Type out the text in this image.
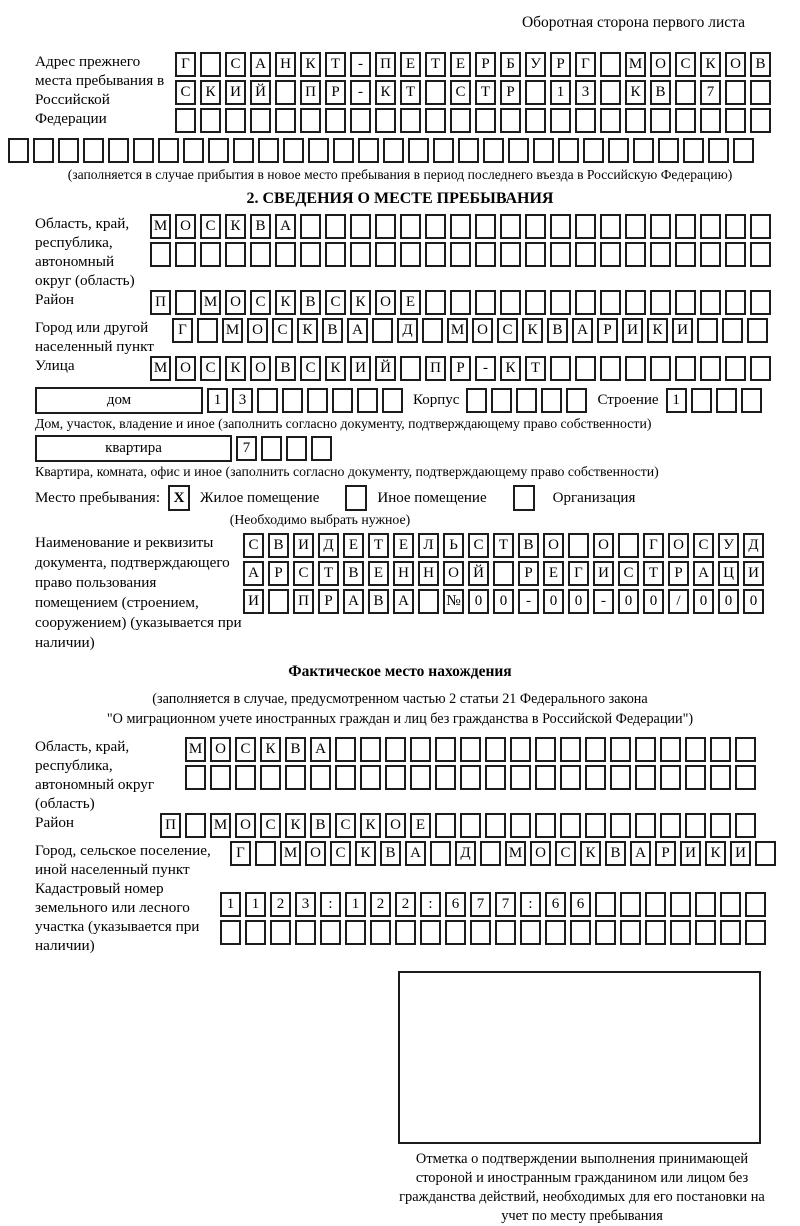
Оборотная сторона первого листа
Адрес прежнего места пребывания в Российской Федерации
Г	С А Н К	Т	-	П Е	Т	Е	Р	Б	У	Р	Г	М О С К О В
С К И Й	П	Р	-	К	Т	С	Т	Р	1	3	К В	7
(заполняется в случае прибытия в новое место пребывания в период последнего въезда в Российскую Федерацию)
2. СВЕДЕНИЯ О МЕСТЕ ПРЕБЫВАНИЯ
Область, край, республика, автономный округ (область)
М О С К В А
Район	П	М О С К В С К О Е
Город или другой населенный пункт
Г	М О С К В А	Д	М О С К В А	Р	И К И
Улица	М О С К О В С К И Й	П	Р	-	К	Т
дом	1	3	Корпус	Строение 1
Дом, участок, владение и иное (заполнить согласно документу, подтверждающему право собственности)
квартира	7
Квартира, комната, офис и иное (заполнить согласно документу, подтверждающему право собственности)
Место пребывания: X	Жилое помещение	Иное помещение	Организация
(Необходимо выбрать нужное)
Наименование и реквизиты документа, подтверждающего право пользования помещением (строением, сооружением) (указывается при наличии)
С В И Д	Е	Т	Е	Л	Ь	С	Т	В О	О	Г	О С У Д
А	Р	С	Т	В	Е	Н Н О Й	Р	Е	Г	И С	Т	Р	А Ц И
И	П	Р	А В А	№ 0	0	-	0	0	-	0	0	/	0	0	0
Фактическое место нахождения
(заполняется в случае, предусмотренном частью 2 статьи 21 Федерального закона
"О миграционном учете иностранных граждан и лиц без гражданства в Российской Федерации")
Область, край, республика, автономный округ (область)
М О С К В А
Район	П	М О С К В С К О Е
Город, сельское поселение, иной населенный пункт
Г	М О С К В А	Д	М О С К В А	Р	И К И
Кадастровый номер земельного или лесного участка (указывается при наличии)
1	1	2	3	:	1	2	2	:	6	7	7	:	6	6
Отметка о подтверждении выполнения принимающей стороной и иностранным гражданином или лицом без гражданства действий, необходимых для его постановки на учет по месту пребывания
